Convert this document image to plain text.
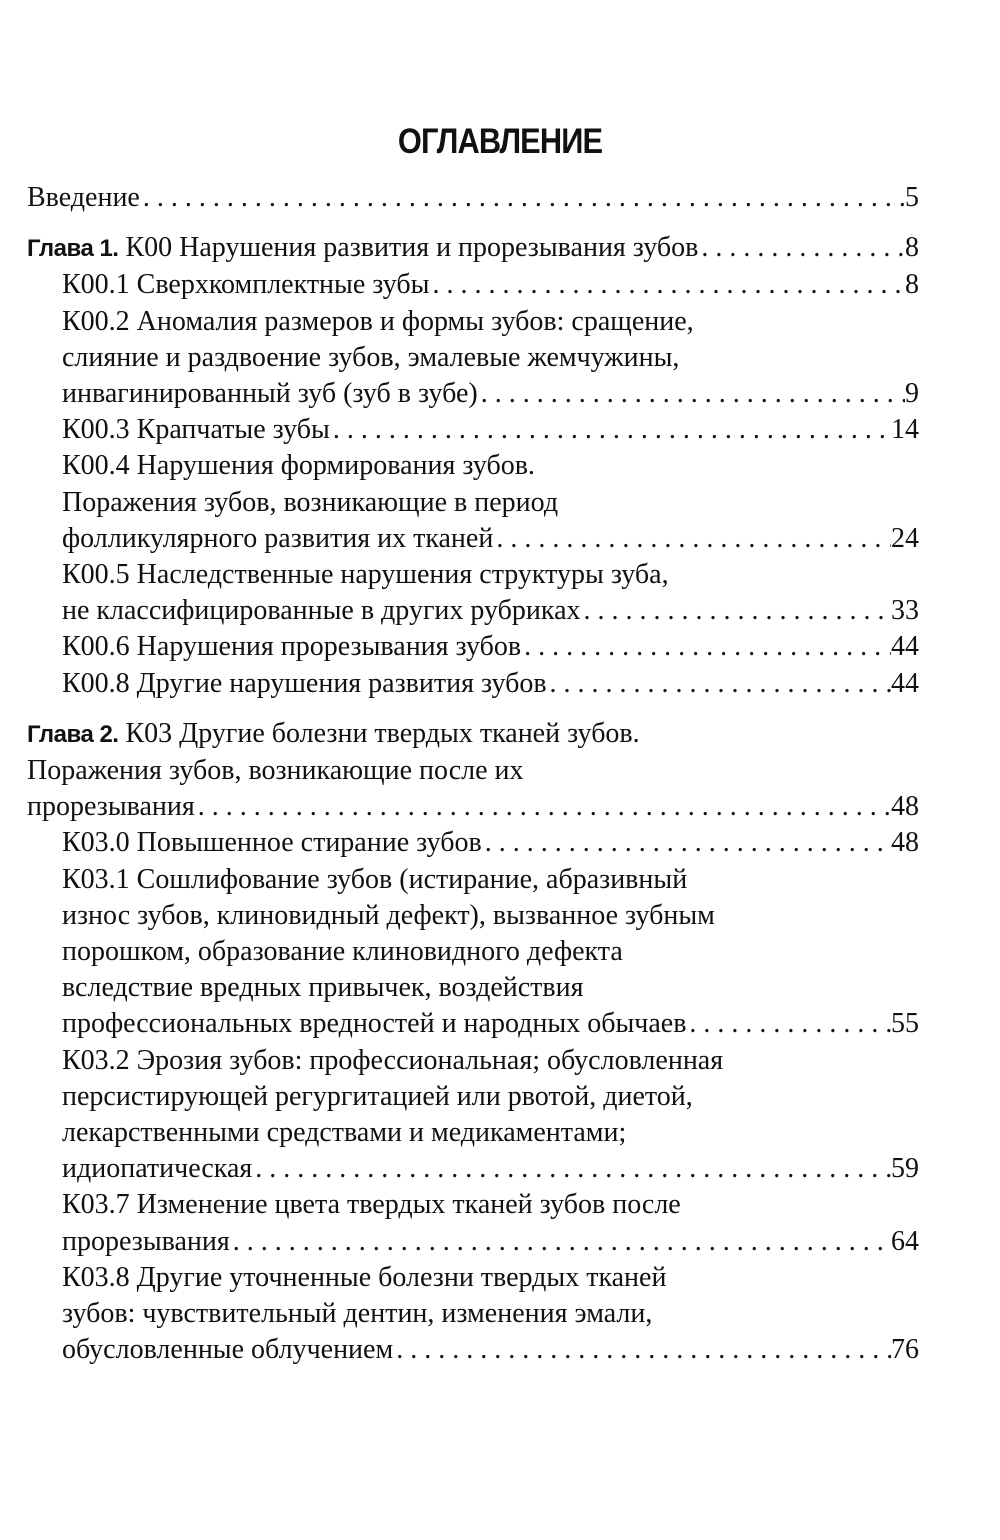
ОГЛАВЛЕНИЕ
Введение . . .	5
Глава 1. К00 Нарушения развития и прорезывания зубов . . .	8
К00.1 Сверхкомплектные зубы . . .	8
К00.2 Аномалия размеров и формы зубов: сращение,
слияние и раздвоение зубов, эмалевые жемчужины,
инвагинированный зуб (зуб в зубе) . . .	9
К00.3 Крапчатые зубы . . .	14
К00.4 Нарушения формирования зубов.
Поражения зубов, возникающие в период
фолликулярного развития их тканей . . .	24
К00.5 Наследственные нарушения структуры зуба,
не классифицированные в других рубриках . . .	33
К00.6 Нарушения прорезывания зубов . . .	44
К00.8 Другие нарушения развития зубов . . .	44
Глава 2. К03 Другие болезни твердых тканей зубов.
Поражения зубов, возникающие после их
прорезывания . . .	48
К03.0 Повышенное стирание зубов . . .	48
К03.1 Сошлифование зубов (истирание, абразивный
износ зубов, клиновидный дефект), вызванное зубным
порошком, образование клиновидного дефекта
вследствие вредных привычек, воздействия
профессиональных вредностей и народных обычаев . . .	55
К03.2 Эрозия зубов: профессиональная; обусловленная
персистирующей регургитацией или рвотой, диетой,
лекарственными средствами и медикаментами;
идиопатическая . . .	59
К03.7 Изменение цвета твердых тканей зубов после
прорезывания . . .	64
К03.8 Другие уточненные болезни твердых тканей
зубов: чувствительный дентин, изменения эмали,
обусловленные облучением . . .	76
